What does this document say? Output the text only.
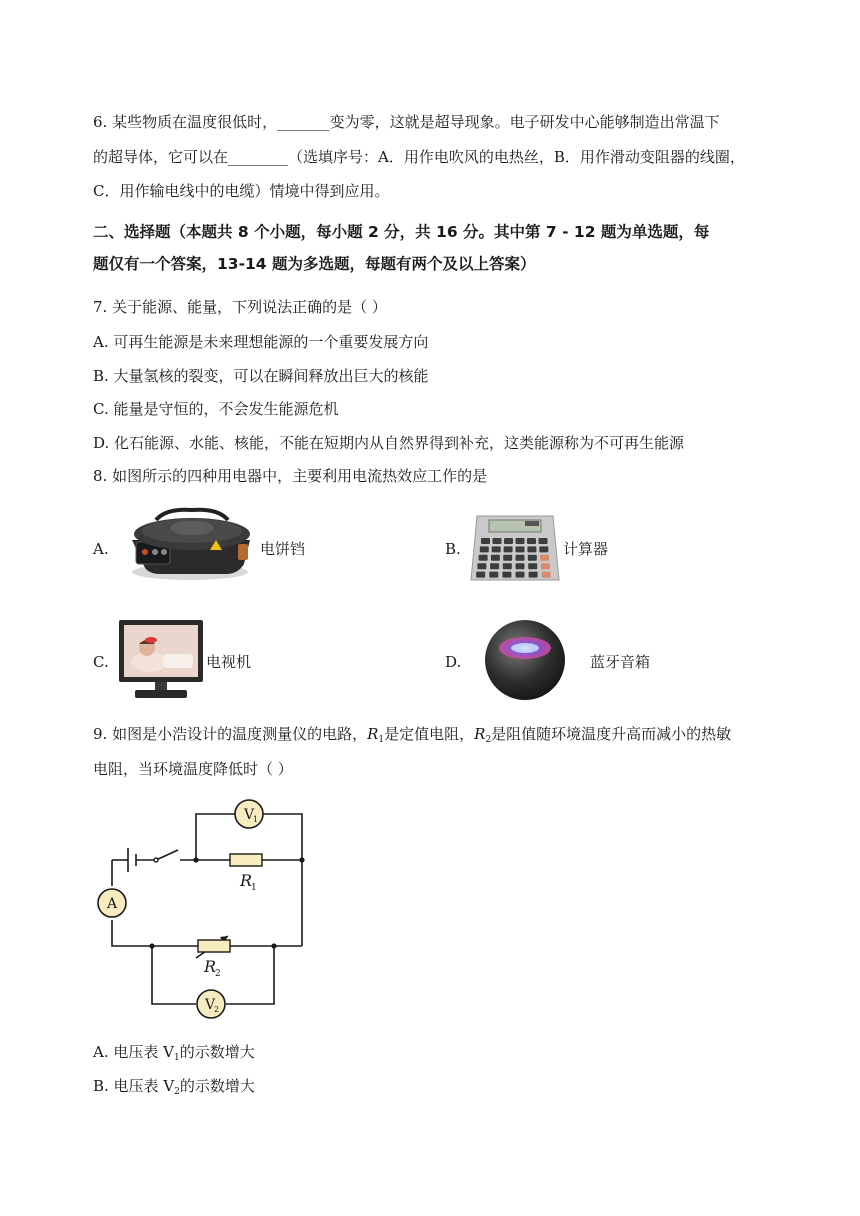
6. 某些物质在温度很低时，_______变为零，这就是超导现象。电子研发中心能够制造出常温下
的超导体，它可以在________（选填序号：A．用作电吹风的电热丝，B．用作滑动变阻器的线圈，
C．用作输电线中的电缆）情境中得到应用。
二、选择题（本题共 8 个小题，每小题 2 分，共 16 分。其中第 7 - 12 题为单选题，每
题仅有一个答案，13-14 题为多选题，每题有两个及以上答案）
7. 关于能源、能量，下列说法正确的是（ ）
A. 可再生能源是未来理想能源的一个重要发展方向
B. 大量氢核的裂变，可以在瞬间释放出巨大的核能
C. 能量是守恒的，不会发生能源危机
D. 化石能源、水能、核能，不能在短期内从自然界得到补充，这类能源称为不可再生能源
8. 如图所示的四种用电器中，主要利用电流热效应工作的是
A.	电饼铛	B.	计算器
C.	电视机	D.	蓝牙音箱
9. 如图是小浩设计的温度测量仪的电路，$R_1$是定值电阻，$R_2$是阻值随环境温度升高而减小的热敏
电阻，当环境温度降低时（ ）
V
1
A
V
2
R
1
R
2
A. 电压表 $V_1$的示数增大
B. 电压表 $V_2$的示数增大
